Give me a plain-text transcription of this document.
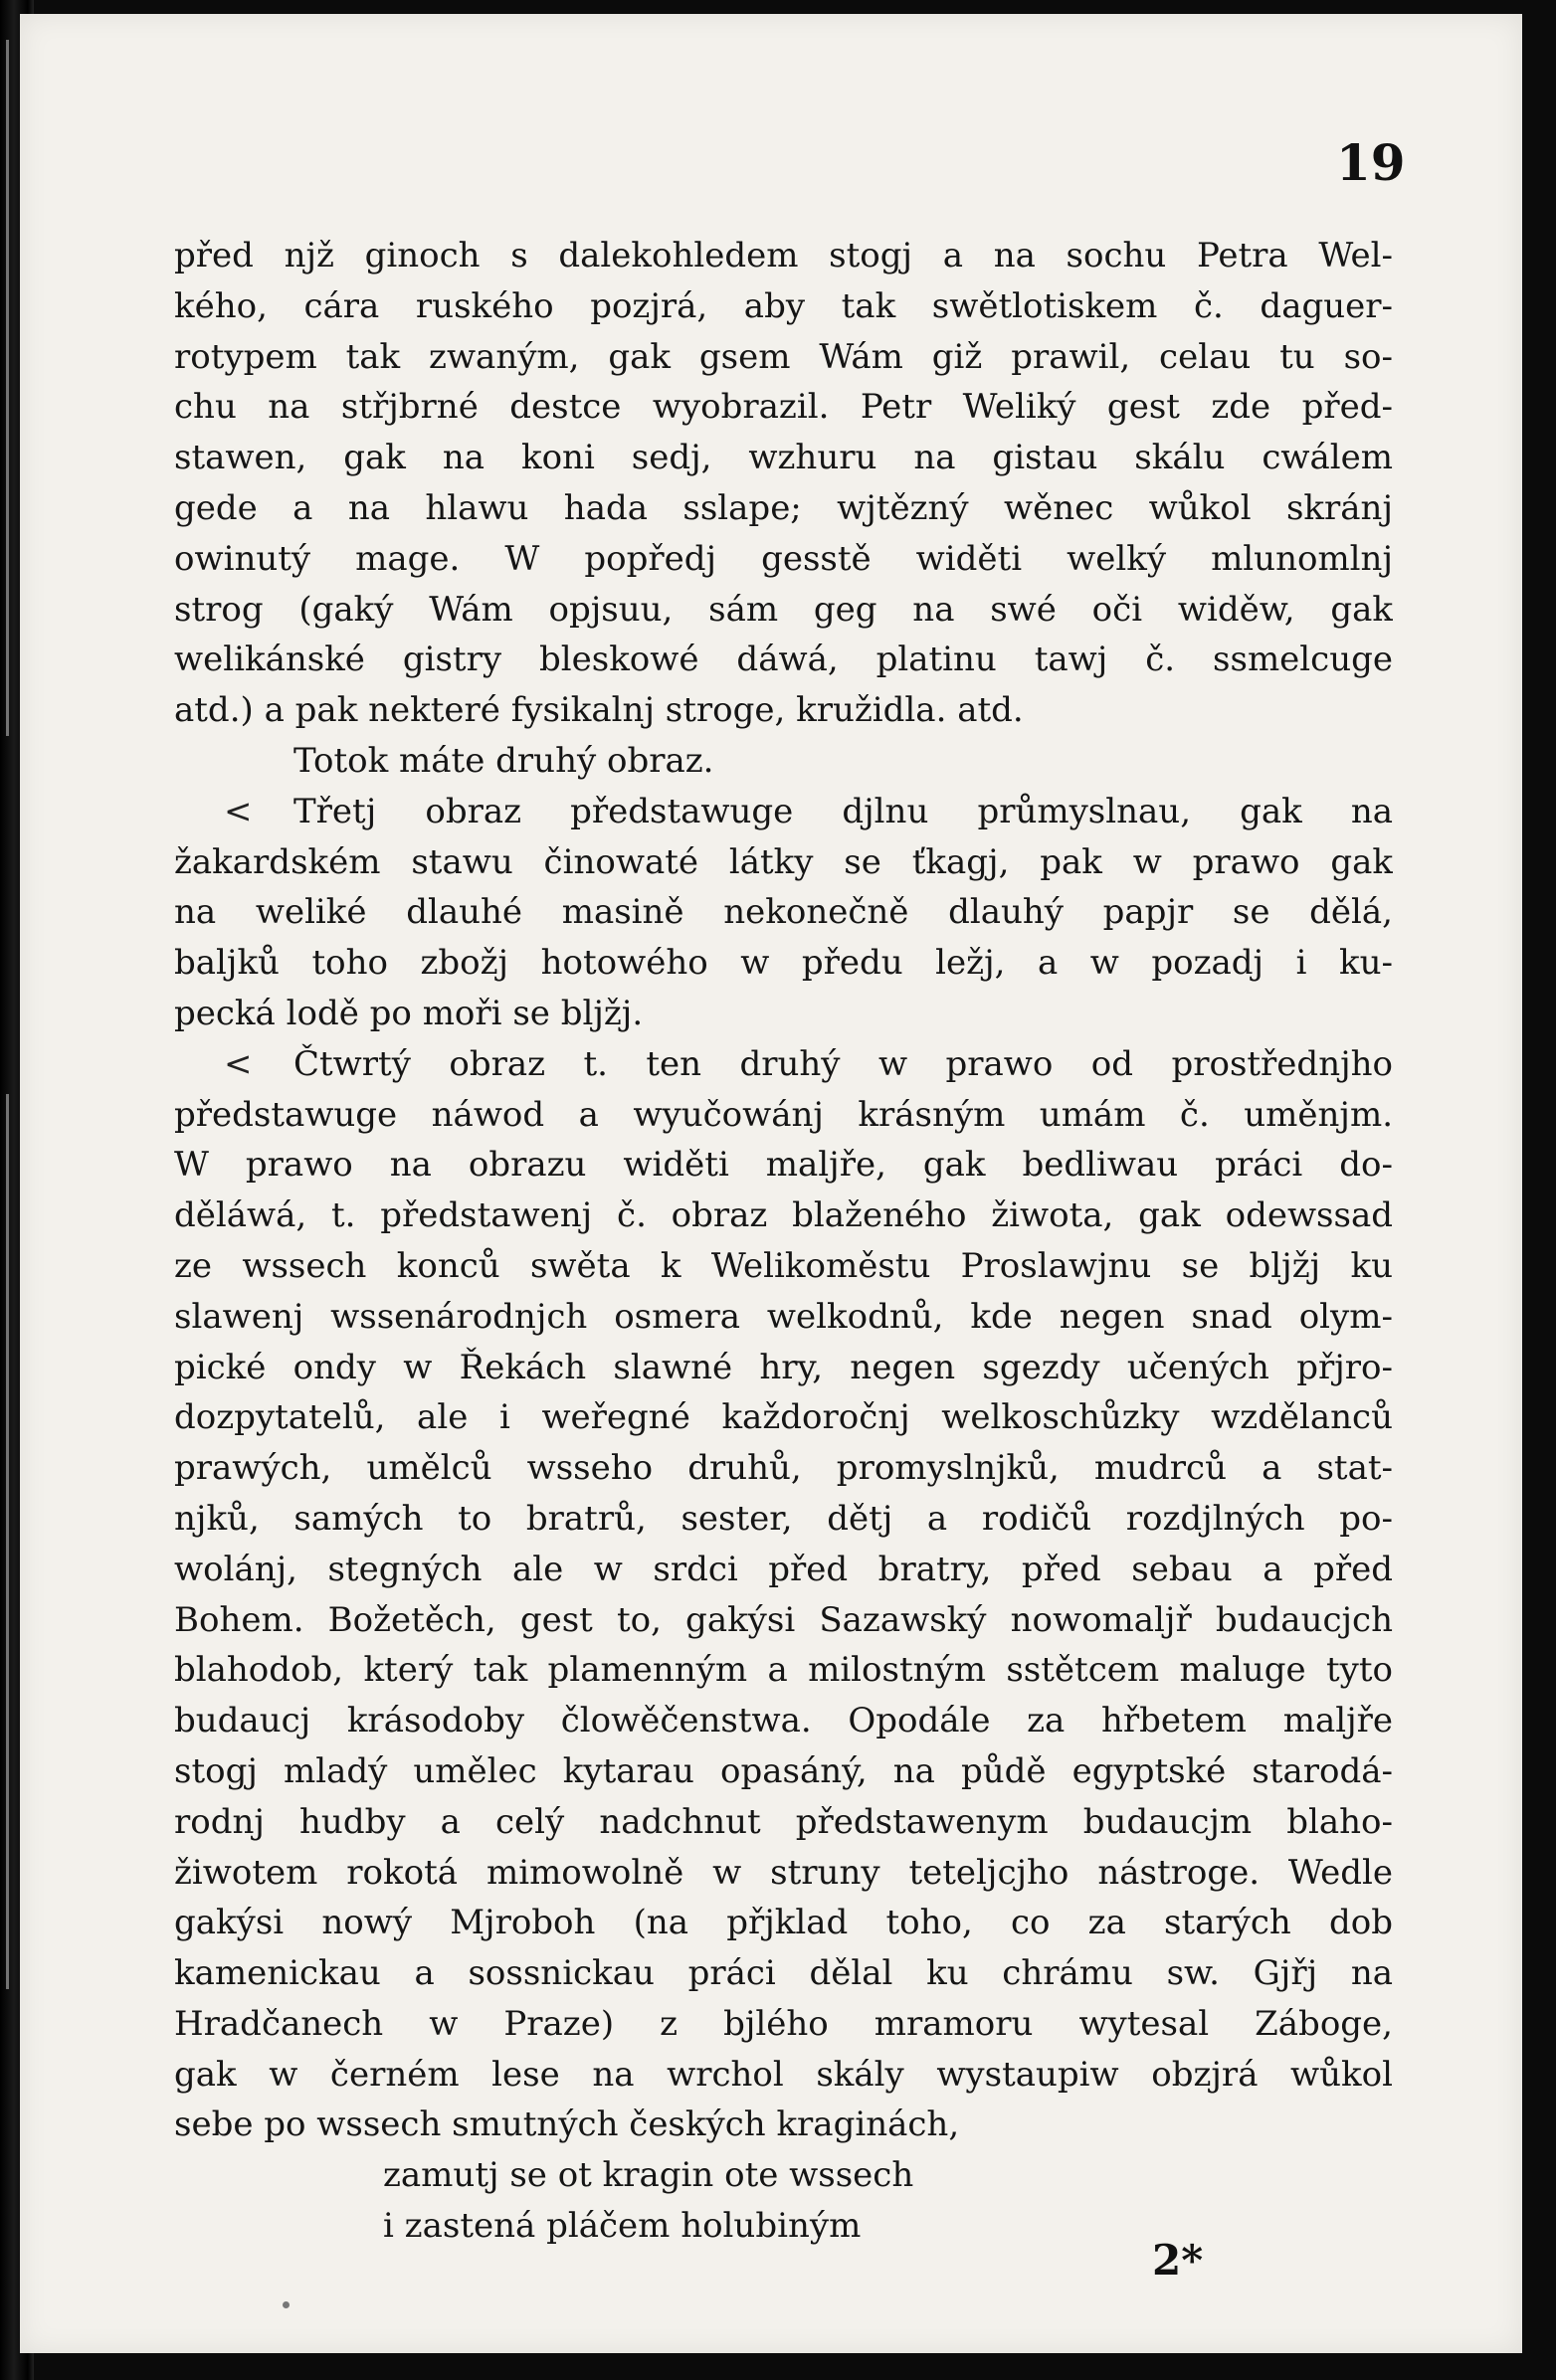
19
před njž ginoch s dalekohledem stogj a na sochu Petra Wel-
kého, cára ruského pozjrá, aby tak swětlotiskem č. daguer-
rotypem tak zwaným, gak gsem Wám giž prawil, celau tu so-
chu na střjbrné destce wyobrazil. Petr Weliký gest zde před-
stawen, gak na koni sedj, wzhuru na gistau skálu cwálem
gede a na hlawu hada sslape; wjtězný wěnec wůkol skránj
owinutý mage. W popředj gesstě widěti welký mlunomlnj
strog (gaký Wám opjsuu, sám geg na swé oči widěw, gak
welikánské gistry bleskowé dáwá, platinu tawj č. ssmelcuge
atd.) a pak nekteré fysikalnj stroge, kružidla. atd.
Totok máte druhý obraz.
< Třetj obraz předstawuge djlnu průmyslnau, gak na
žakardském stawu činowaté látky se ťkagj, pak w prawo gak
na weliké dlauhé masině nekonečně dlauhý papjr se dělá,
baljků toho zbožj hotowého w předu ležj, a w pozadj i ku-
pecká lodě po moři se bljžj.
< Čtwrtý obraz t. ten druhý w prawo od prostřednjho
předstawuge náwod a wyučowánj krásným umám č. uměnjm.
W prawo na obrazu widěti maljře, gak bedliwau práci do-
děláwá, t. předstawenj č. obraz blaženého žiwota, gak odewssad
ze wssech konců swěta k Welikoměstu Proslawjnu se bljžj ku
slawenj wssenárodnjch osmera welkodnů, kde negen snad olym-
pické ondy w Řekách slawné hry, negen sgezdy učených přjro-
dozpytatelů, ale i weřegné každoročnj welkoschůzky wzdělanců
prawých, umělců wsseho druhů, promyslnjků, mudrců a stat-
njků, samých to bratrů, sester, dětj a rodičů rozdjlných po-
wolánj, stegných ale w srdci před bratry, před sebau a před
Bohem. Božetěch, gest to, gakýsi Sazawský nowomaljř budaucjch
blahodob, který tak plamenným a milostným sstětcem maluge tyto
budaucj krásodoby člowěčenstwa. Opodále za hřbetem maljře
stogj mladý umělec kytarau opasáný, na půdě egyptské starodá-
rodnj hudby a celý nadchnut předstawenym budaucjm blaho-
žiwotem rokotá mimowolně w struny teteljcjho nástroge. Wedle
gakýsi nowý Mjroboh (na přjklad toho, co za starých dob
kamenickau a sossnickau práci dělal ku chrámu sw. Gjřj na
Hradčanech w Praze) z bjlého mramoru wytesal Záboge,
gak w černém lese na wrchol skály wystaupiw obzjrá wůkol
sebe po wssech smutných českých kraginách,
zamutj se ot kragin ote wssech
i zastená pláčem holubiným
2*
